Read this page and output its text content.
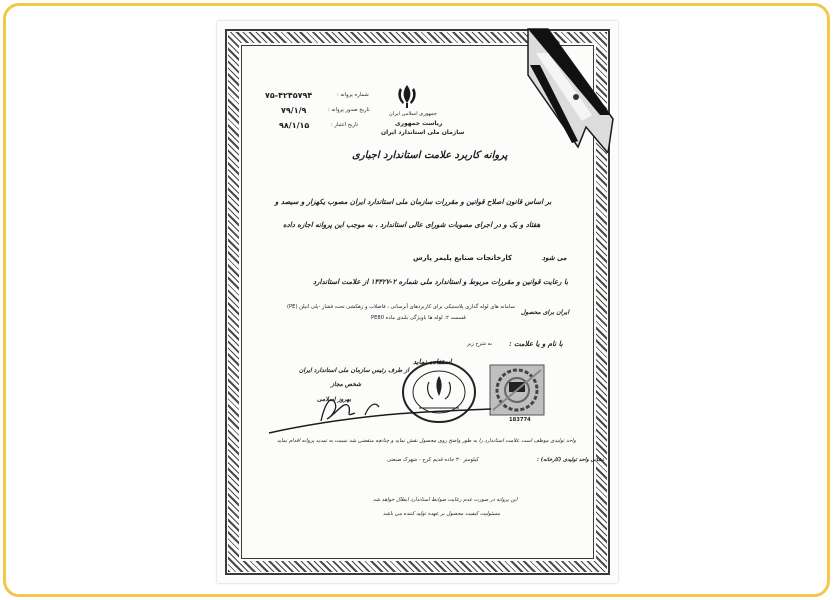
۷۵-۴۲۴۵۷۹۴	شماره پروانه :
۷۹/۱/۹	تاریخ صدور پروانه :
۹۸/۱/۱۵	تاریخ اعتبار :
جمهوری اسلامی ایران
ریاست جمهوری
سازمان ملی استاندارد ایران
پروانه کاربرد علامت استاندارد اجباری
بر اساس قانون اصلاح قوانین و مقررات سازمان ملی استاندارد ایران مصوب یکهزار و سیصد و
هفتاد و یک و در اجرای مصوبات شورای عالی استاندارد ، به موجب این پروانه اجازه داده
می شود
کارخانجات صنایع پلیمر پارس
با رعایت قوانین و مقررات مربوط و استاندارد ملی شماره ۲-۱۴۴۲۷ از علامت استاندارد
ایران برای محصول
سامانه های لوله گذاری پلاستیکی برای کاربردهای آبرسانی ، فاضلاب و زهکشی تحت فشار -پلی اتیلن (PE)
قسمت ۲: لوله ها باویژگی بلندی ماده PE80
با نام و یا علامت :
به شرح زیر
استفاده نماید
183774
از طرف رئیس سازمان ملی استاندارد ایران
شخص مجاز
بهروز اسلامی
واحد تولیدی موظف است علامت استاندارد را به طور واضح روی محصول نقش نماید و چنانچه منقضی شد نسبت به تمدید پروانه اقدام نماید
نشانی واحد تولیدی (کارخانه) :
کیلومتر ۳۰ جاده قدیم کرج - شهرک صنعتی
این پروانه در صورت عدم رعایت ضوابط استاندارد ابطال خواهد شد
مسئولیت کیفیت محصول بر عهده تولید کننده می باشد
